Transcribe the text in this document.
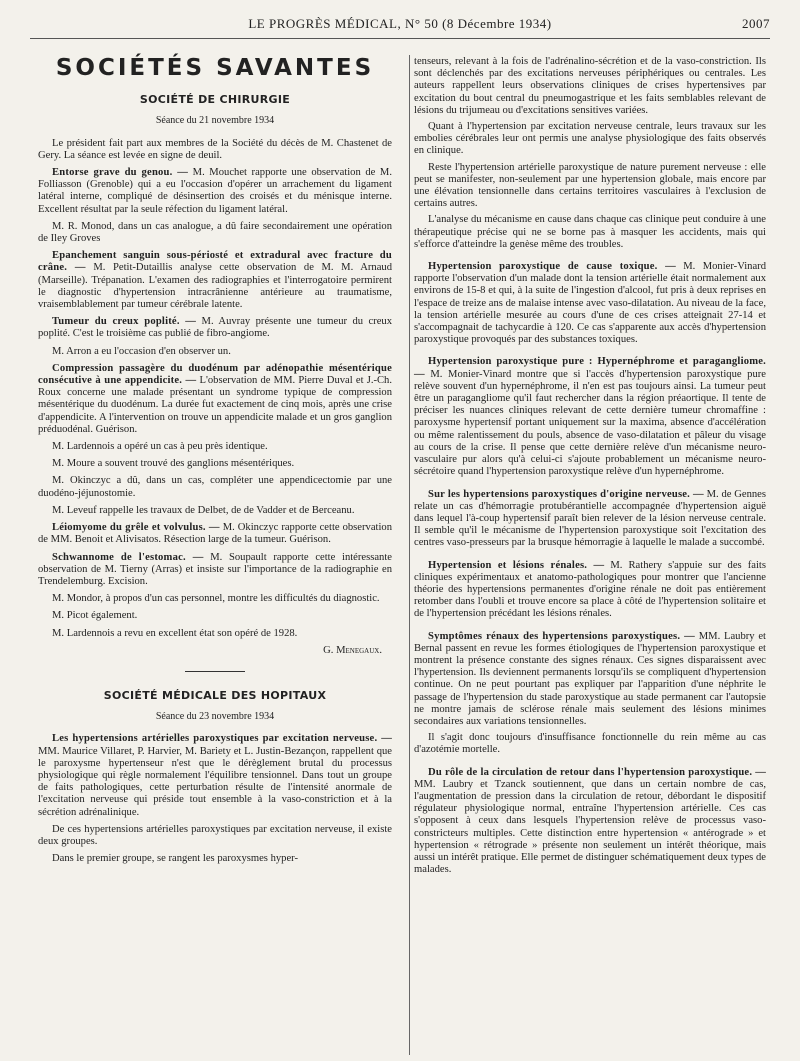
LE PROGRÈS MÉDICAL, N° 50 (8 Décembre 1934)	2007
SOCIÉTÉS SAVANTES
SOCIÉTÉ DE CHIRURGIE
Séance du 21 novembre 1934

Le président fait part aux membres de la Société du décès de M. Chastenet de Gery. La séance est levée en signe de deuil.

Entorse grave du genou. — M. Mouchet rapporte une observation de M. Folliasson (Grenoble) qui a eu l'occasion d'opérer un arrachement du ligament latéral interne, compliqué de désinsertion des croisés et du ménisque interne. Excellent résultat par la seule réfection du ligament latéral.

M. R. Monod, dans un cas analogue, a dû faire secondairement une opération de Iley Groves

Epanchement sanguin sous-périosté et extradural avec fracture du crâne. — M. Petit-Dutaillis analyse cette observation de M. M. Arnaud (Marseille). Trépanation. L'examen des radiographies et l'interrogatoire permirent le diagnostic d'hypertension intracrânienne antérieure au traumatisme, vraisemblablement par tumeur cérébrale latente.

Tumeur du creux poplité. — M. Auvray présente une tumeur du creux poplité. C'est le troisième cas publié de fibro-angiome.

M. Arron a eu l'occasion d'en observer un.

Compression passagère du duodénum par adénopathie mésentérique consécutive à une appendicite. — L'observation de MM. Pierre Duval et J.-Ch. Roux concerne une malade présentant un syndrome typique de compression mésentérique du duodénum. La durée fut exactement de cinq mois, après une crise d'appendicite. A l'intervention on trouve un appendicite malade et un gros ganglion préduodénal. Guérison.

M. Lardennois a opéré un cas à peu près identique.

M. Moure a souvent trouvé des ganglions mésentériques.

M. Okinczyc a dû, dans un cas, compléter une appendicectomie par une duodéno-jéjunostomie.

M. Leveuf rappelle les travaux de Delbet, de de Vadder et de Berceanu.

Léiomyome du grêle et volvulus. — M. Okinczyc rapporte cette observation de MM. Benoit et Alivisatos. Résection large de la tumeur. Guérison.

Schwannome de l'estomac. — M. Soupault rapporte cette intéressante observation de M. Tierny (Arras) et insiste sur l'importance de la radiographie en Trendelemburg. Excision.

M. Mondor, à propos d'un cas personnel, montre les difficultés du diagnostic.

M. Picot également.

M. Lardennois a revu en excellent état son opéré de 1928.

G. Menegaux.
SOCIÉTÉ MÉDICALE DES HOPITAUX
Séance du 23 novembre 1934

Les hypertensions artérielles paroxystiques par excitation nerveuse. — MM. Maurice Villaret, P. Harvier, M. Bariety et L. Justin-Bezançon, rappellent que le paroxysme hypertenseur n'est que le dérèglement brutal du processus physiologique qui règle normalement l'équilibre tensionnel. Dans tout un groupe de faits pathologiques, cette perturbation résulte de l'intensité anormale de l'excitation nerveuse qui préside tout ensemble à la vaso-constriction et à la sécrétion adrénalinique.

De ces hypertensions artérielles paroxystiques par excitation nerveuse, il existe deux groupes.

Dans le premier groupe, se rangent les paroxysmes hyper-

tenseurs, relevant à la fois de l'adrénalino-sécrétion et de la vaso-constriction. Ils sont déclenchés par des excitations nerveuses périphériques ou centrales. Les auteurs rappellent leurs observations cliniques de crises hypertensives par excitation du bout central du pneumogastrique et les faits semblables relevant de lésions du trijumeau ou d'excitations sensitives variées.

Quant à l'hypertension par excitation nerveuse centrale, leurs travaux sur les embolies cérébrales leur ont permis une analyse physiologique des faits observés en clinique.

Reste l'hypertension artérielle paroxystique de nature purement nerveuse : elle peut se manifester, non-seulement par une hypertension globale, mais encore par une élévation tensionnelle dans certains territoires vasculaires à l'exclusion de certains autres.

L'analyse du mécanisme en cause dans chaque cas clinique peut conduire à une thérapeutique précise qui ne se borne pas à masquer les accidents, mais qui s'efforce d'atteindre la genèse même des troubles.

Hypertension paroxystique de cause toxique. — M. Monier-Vinard rapporte l'observation d'un malade dont la tension artérielle était normalement aux environs de 15-8 et qui, à la suite de l'ingestion d'alcool, fut pris à deux reprises en l'espace de treize ans de malaise intense avec vaso-dilatation. Au niveau de la face, la tension artérielle mesurée au cours d'une de ces crises atteignait 27-14 et s'accompagnait de tachycardie à 120. Ce cas s'apparente aux accès d'hypertension paroxystique provoqués par des substances toxiques.

Hypertension paroxystique pure : Hypernéphrome et paragangliome. — M. Monier-Vinard montre que si l'accès d'hypertension paroxystique pure relève souvent d'un hypernéphrome, il n'en est pas toujours ainsi. La tumeur peut être un paragangliome qu'il faut rechercher dans la région préaortique. Il tente de préciser les nuances cliniques relevant de cette dernière tumeur chromaffine : paroxysme hypertensif portant uniquement sur la maxima, absence d'accélération ou même ralentissement du pouls, absence de vaso-dilatation et pâleur du visage au cours de la crise. Il pense que cette dernière relève d'un mécanisme neuro-vasculaire pur alors qu'à celui-ci s'ajoute probablement un mécanisme neuro-sécrétoire quand l'hypertension paroxystique relève d'un hypernéphrome.

Sur les hypertensions paroxystiques d'origine nerveuse. — M. de Gennes relate un cas d'hémorragie protubérantielle accompagnée d'hypertension aiguë dans lequel l'à-coup hypertensif paraît bien relever de la lésion nerveuse centrale. Il semble qu'il le mécanisme de l'hypertension paroxystique soit l'excitation des centres vaso-presseurs par la brusque hémorragie à laquelle le malade a succombé.

Hypertension et lésions rénales. — M. Rathery s'appuie sur des faits cliniques expérimentaux et anatomo-pathologiques pour montrer que l'ancienne théorie des hypertensions permanentes d'origine rénale ne doit pas entièrement retomber dans l'oubli et trouve encore sa place à côté de l'hypertension solitaire et de l'hypertension précédant les lésions rénales.

Symptômes rénaux des hypertensions paroxystiques. — MM. Laubry et Bernal passent en revue les formes étiologiques de l'hypertension paroxystique et montrent la présence constante des signes rénaux. Ces signes disparaissent avec l'hypertension. Ils deviennent permanents lorsqu'ils se compliquent d'hypertension continue. On ne peut pourtant pas expliquer par l'apparition d'une néphrite le passage de l'hypertension du stade paroxystique au stade permanent car l'autopsie ne montre jamais de sclérose rénale mais seulement des lésions minimes secondaires aux variations tensionnelles.

Il s'agit donc toujours d'insuffisance fonctionnelle du rein même au cas d'azotémie mortelle.

Du rôle de la circulation de retour dans l'hypertension paroxystique. — MM. Laubry et Tzanck soutiennent, que dans un certain nombre de cas, l'augmentation de pression dans la circulation de retour, débordant le dispositif régulateur physiologique normal, entraîne l'hypertension artérielle. Ces cas s'opposent à ceux dans lesquels l'hypertension relève de processus vaso-constricteurs multiples. Cette distinction entre hypertension « antérograde » et hypertension « rétrograde » présente non seulement un intérêt théorique, mais aussi un intérêt pratique. Elle permet de distinguer schématiquement deux types de malades.
